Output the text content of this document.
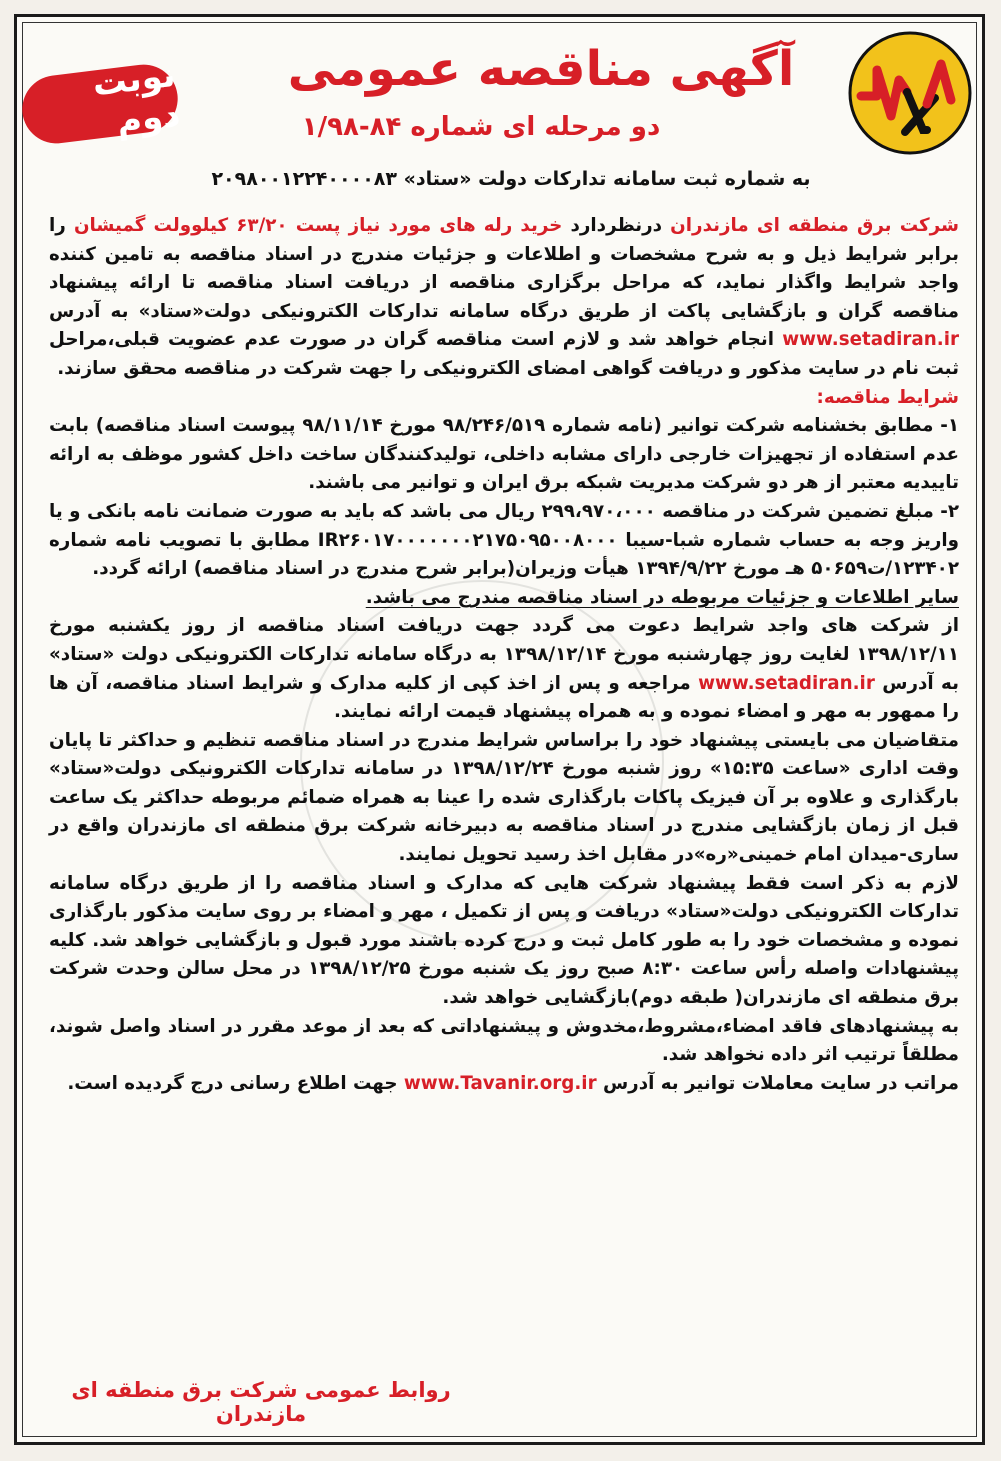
نوبت دوم
آگهی مناقصه عمومی
دو مرحله ای شماره ۸۴-۱/۹۸
به شماره ثبت سامانه تدارکات دولت «ستاد» ۲۰۹۸۰۰۱۲۲۴۰۰۰۰۸۳

شرکت برق منطقه ای مازندران درنظردارد خرید رله های مورد نیاز پست ۶۳/۲۰ کیلوولت گمیشان را برابر شرایط ذیل و به شرح مشخصات و اطلاعات و جزئیات مندرج در اسناد مناقصه به تامین کننده واجد شرایط واگذار نماید، که مراحل برگزاری مناقصه از دریافت اسناد مناقصه تا ارائه پیشنهاد مناقصه گران و بازگشایی پاکت از طریق درگاه سامانه تدارکات الکترونیکی دولت«ستاد» به آدرس www.setadiran.ir انجام خواهد شد و لازم است مناقصه گران در صورت عدم عضویت قبلی،مراحل ثبت نام در سایت مذکور و دریافت گواهی امضای الکترونیکی را جهت شرکت در مناقصه محقق سازند.

شرایط مناقصه:

۱- مطابق بخشنامه شرکت توانیر (نامه شماره ۹۸/۲۴۶/۵۱۹ مورخ ۹۸/۱۱/۱۴ پیوست اسناد مناقصه) بابت عدم استفاده از تجهیزات خارجی دارای مشابه داخلی، تولیدکنندگان ساخت داخل کشور موظف به ارائه تاییدیه معتبر از هر دو شرکت مدیریت شبکه برق ایران و توانیر می باشند.

۲- مبلغ تضمین شرکت در مناقصه ۲۹۹،۹۷۰،۰۰۰ ریال می باشد که باید به صورت ضمانت نامه بانکی و یا واریز وجه به حساب شماره شبا-سیبا IR۲۶۰۱۷۰۰۰۰۰۰۰۲۱۷۵۰۹۵۰۰۸۰۰۰ مطابق با تصویب نامه شماره ۱۲۳۴۰۲/ت۵۰۶۵۹ هـ مورخ ۱۳۹۴/۹/۲۲ هیأت وزیران(برابر شرح مندرج در اسناد مناقصه) ارائه گردد.

سایر اطلاعات و جزئیات مربوطه در اسناد مناقصه مندرج می باشد.

از شرکت های واجد شرایط دعوت می گردد جهت دریافت اسناد مناقصه از روز یکشنبه مورخ ۱۳۹۸/۱۲/۱۱ لغایت روز چهارشنبه مورخ ۱۳۹۸/۱۲/۱۴ به درگاه سامانه تدارکات الکترونیکی دولت «ستاد» به آدرس www.setadiran.ir مراجعه و پس از اخذ کپی از کلیه مدارک و شرایط اسناد مناقصه، آن ها را ممهور به مهر و امضاء نموده و به همراه پیشنهاد قیمت ارائه نمایند.

متقاضیان می بایستی پیشنهاد خود را براساس شرایط مندرج در اسناد مناقصه تنظیم و حداکثر تا پایان وقت اداری «ساعت ۱۵:۳۵» روز شنبه مورخ ۱۳۹۸/۱۲/۲۴ در سامانه تدارکات الکترونیکی دولت«ستاد» بارگذاری و علاوه بر آن فیزیک پاکات بارگذاری شده را عینا به همراه ضمائم مربوطه حداکثر یک ساعت قبل از زمان بازگشایی مندرج در اسناد مناقصه به دبیرخانه شرکت برق منطقه ای مازندران واقع در ساری-میدان امام خمینی«ره»در مقابل اخذ رسید تحویل نمایند.

لازم به ذکر است فقط پیشنهاد شرکت هایی که مدارک و اسناد مناقصه را از طریق درگاه سامانه تدارکات الکترونیکی دولت«ستاد» دریافت و پس از تکمیل ، مهر و امضاء بر روی سایت مذکور بارگذاری نموده و مشخصات خود را به طور کامل ثبت و درج کرده باشند مورد قبول و بازگشایی خواهد شد. کلیه پیشنهادات واصله رأس ساعت ۸:۳۰ صبح روز یک شنبه مورخ ۱۳۹۸/۱۲/۲۵ در محل سالن وحدت شرکت برق منطقه ای مازندران( طبقه دوم)بازگشایی خواهد شد.

به پیشنهادهای فاقد امضاء،مشروط،مخدوش و پیشنهاداتی که بعد از موعد مقرر در اسناد واصل شوند، مطلقاً ترتیب اثر داده نخواهد شد.

مراتب در سایت معاملات توانیر به آدرس www.Tavanir.org.ir جهت اطلاع رسانی درج گردیده است.

روابط عمومی شرکت برق منطقه ای مازندران
